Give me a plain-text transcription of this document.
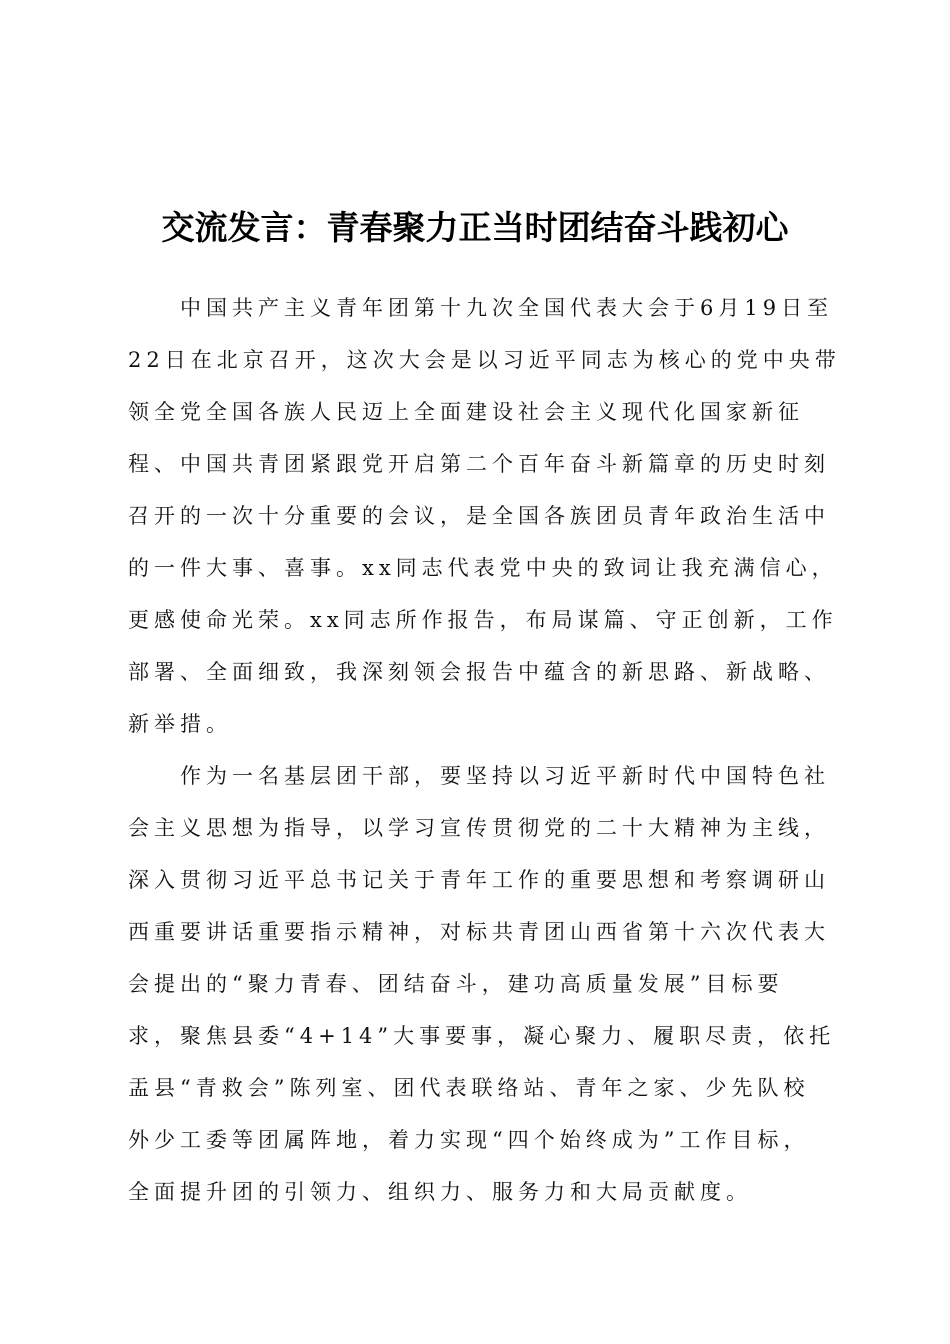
交流发言：青春聚力正当时团结奋斗践初心
中国共产主义青年团第十九次全国代表大会于6月19日至
22日在北京召开，这次大会是以习近平同志为核心的党中央带
领全党全国各族人民迈上全面建设社会主义现代化国家新征
程、中国共青团紧跟党开启第二个百年奋斗新篇章的历史时刻
召开的一次十分重要的会议，是全国各族团员青年政治生活中
的一件大事、喜事。xx同志代表党中央的致词让我充满信心，
更感使命光荣。xx同志所作报告，布局谋篇、守正创新，工作
部署、全面细致，我深刻领会报告中蕴含的新思路、新战略、
新举措。
作为一名基层团干部，要坚持以习近平新时代中国特色社
会主义思想为指导，以学习宣传贯彻党的二十大精神为主线，
深入贯彻习近平总书记关于青年工作的重要思想和考察调研山
西重要讲话重要指示精神，对标共青团山西省第十六次代表大
会提出的“聚力青春、团结奋斗，建功高质量发展”目标要
求，聚焦县委“4+14”大事要事，凝心聚力、履职尽责，依托
盂县“青救会”陈列室、团代表联络站、青年之家、少先队校
外少工委等团属阵地，着力实现“四个始终成为”工作目标，
全面提升团的引领力、组织力、服务力和大局贡献度。
